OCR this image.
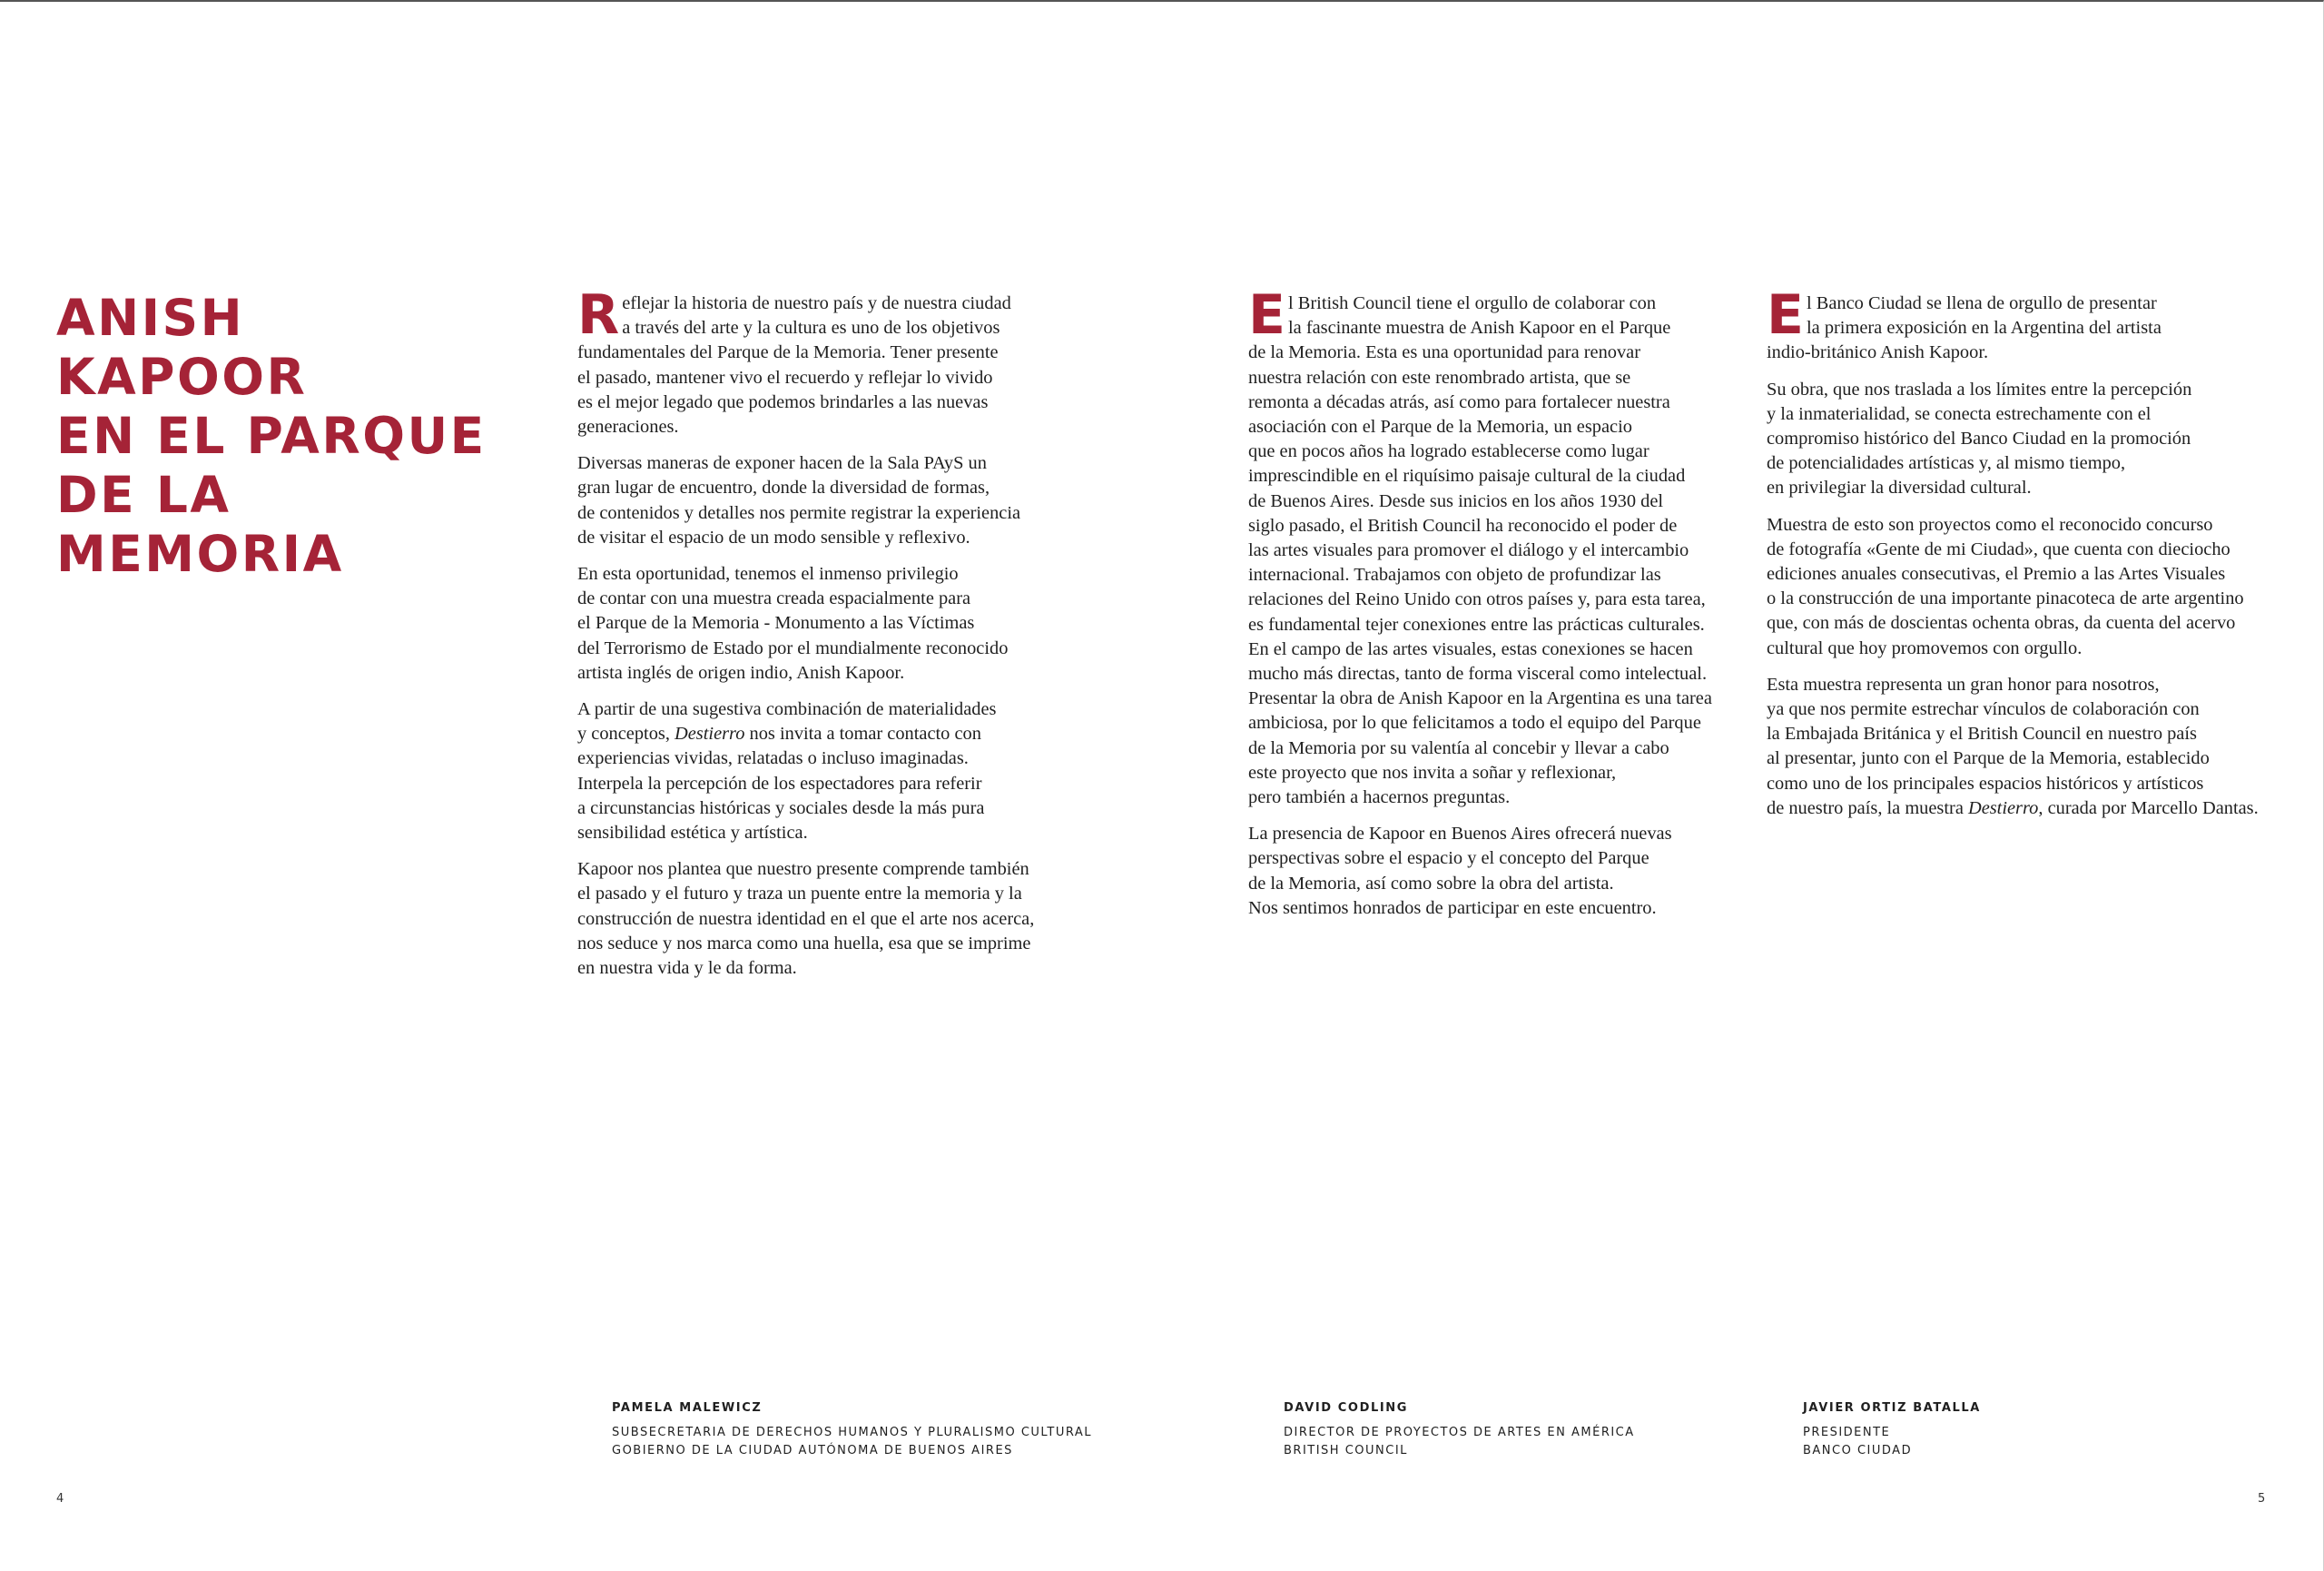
ANISH KAPOOR
EN EL PARQUE
DE LA MEMORIA

R eflejar la historia de nuestro país y de nuestra ciudad
a través del arte y la cultura es uno de los objetivos
fundamentales del Parque de la Memoria. Tener presente
el pasado, mantener vivo el recuerdo y reflejar lo vivido
es el mejor legado que podemos brindarles a las nuevas
generaciones.

Diversas maneras de exponer hacen de la Sala PAyS un
gran lugar de encuentro, donde la diversidad de formas,
de contenidos y detalles nos permite registrar la experiencia
de visitar el espacio de un modo sensible y reflexivo.

En esta oportunidad, tenemos el inmenso privilegio
de contar con una muestra creada espacialmente para
el Parque de la Memoria - Monumento a las Víctimas
del Terrorismo de Estado por el mundialmente reconocido
artista inglés de origen indio, Anish Kapoor.

A partir de una sugestiva combinación de materialidades
y conceptos, Destierro nos invita a tomar contacto con
experiencias vividas, relatadas o incluso imaginadas.
Interpela la percepción de los espectadores para referir
a circunstancias históricas y sociales desde la más pura
sensibilidad estética y artística.

Kapoor nos plantea que nuestro presente comprende también
el pasado y el futuro y traza un puente entre la memoria y la
construcción de nuestra identidad en el que el arte nos acerca,
nos seduce y nos marca como una huella, esa que se imprime
en nuestra vida y le da forma.

E l British Council tiene el orgullo de colaborar con
la fascinante muestra de Anish Kapoor en el Parque
de la Memoria. Esta es una oportunidad para renovar
nuestra relación con este renombrado artista, que se
remonta a décadas atrás, así como para fortalecer nuestra
asociación con el Parque de la Memoria, un espacio
que en pocos años ha logrado establecerse como lugar
imprescindible en el riquísimo paisaje cultural de la ciudad
de Buenos Aires. Desde sus inicios en los años 1930 del
siglo pasado, el British Council ha reconocido el poder de
las artes visuales para promover el diálogo y el intercambio
internacional. Trabajamos con objeto de profundizar las
relaciones del Reino Unido con otros países y, para esta tarea,
es fundamental tejer conexiones entre las prácticas culturales.
En el campo de las artes visuales, estas conexiones se hacen
mucho más directas, tanto de forma visceral como intelectual.
Presentar la obra de Anish Kapoor en la Argentina es una tarea
ambiciosa, por lo que felicitamos a todo el equipo del Parque
de la Memoria por su valentía al concebir y llevar a cabo
este proyecto que nos invita a soñar y reflexionar,
pero también a hacernos preguntas.

La presencia de Kapoor en Buenos Aires ofrecerá nuevas
perspectivas sobre el espacio y el concepto del Parque
de la Memoria, así como sobre la obra del artista.
Nos sentimos honrados de participar en este encuentro.

E l Banco Ciudad se llena de orgullo de presentar
la primera exposición en la Argentina del artista
indio-británico Anish Kapoor.

Su obra, que nos traslada a los límites entre la percepción
y la inmaterialidad, se conecta estrechamente con el
compromiso histórico del Banco Ciudad en la promoción
de potencialidades artísticas y, al mismo tiempo,
en privilegiar la diversidad cultural.

Muestra de esto son proyectos como el reconocido concurso
de fotografía «Gente de mi Ciudad», que cuenta con dieciocho
ediciones anuales consecutivas, el Premio a las Artes Visuales
o la construcción de una importante pinacoteca de arte argentino
que, con más de doscientas ochenta obras, da cuenta del acervo
cultural que hoy promovemos con orgullo.

Esta muestra representa un gran honor para nosotros,
ya que nos permite estrechar vínculos de colaboración con
la Embajada Británica y el British Council en nuestro país
al presentar, junto con el Parque de la Memoria, establecido
como uno de los principales espacios históricos y artísticos
de nuestro país, la muestra Destierro, curada por Marcello Dantas.

PAMELA MALEWICZ
SUBSECRETARIA DE DERECHOS HUMANOS Y PLURALISMO CULTURAL
GOBIERNO DE LA CIUDAD AUTÓNOMA DE BUENOS AIRES
DAVID CODLING
DIRECTOR DE PROYECTOS DE ARTES EN AMÉRICA
BRITISH COUNCIL
JAVIER ORTIZ BATALLA
PRESIDENTE
BANCO CIUDAD
4	5
